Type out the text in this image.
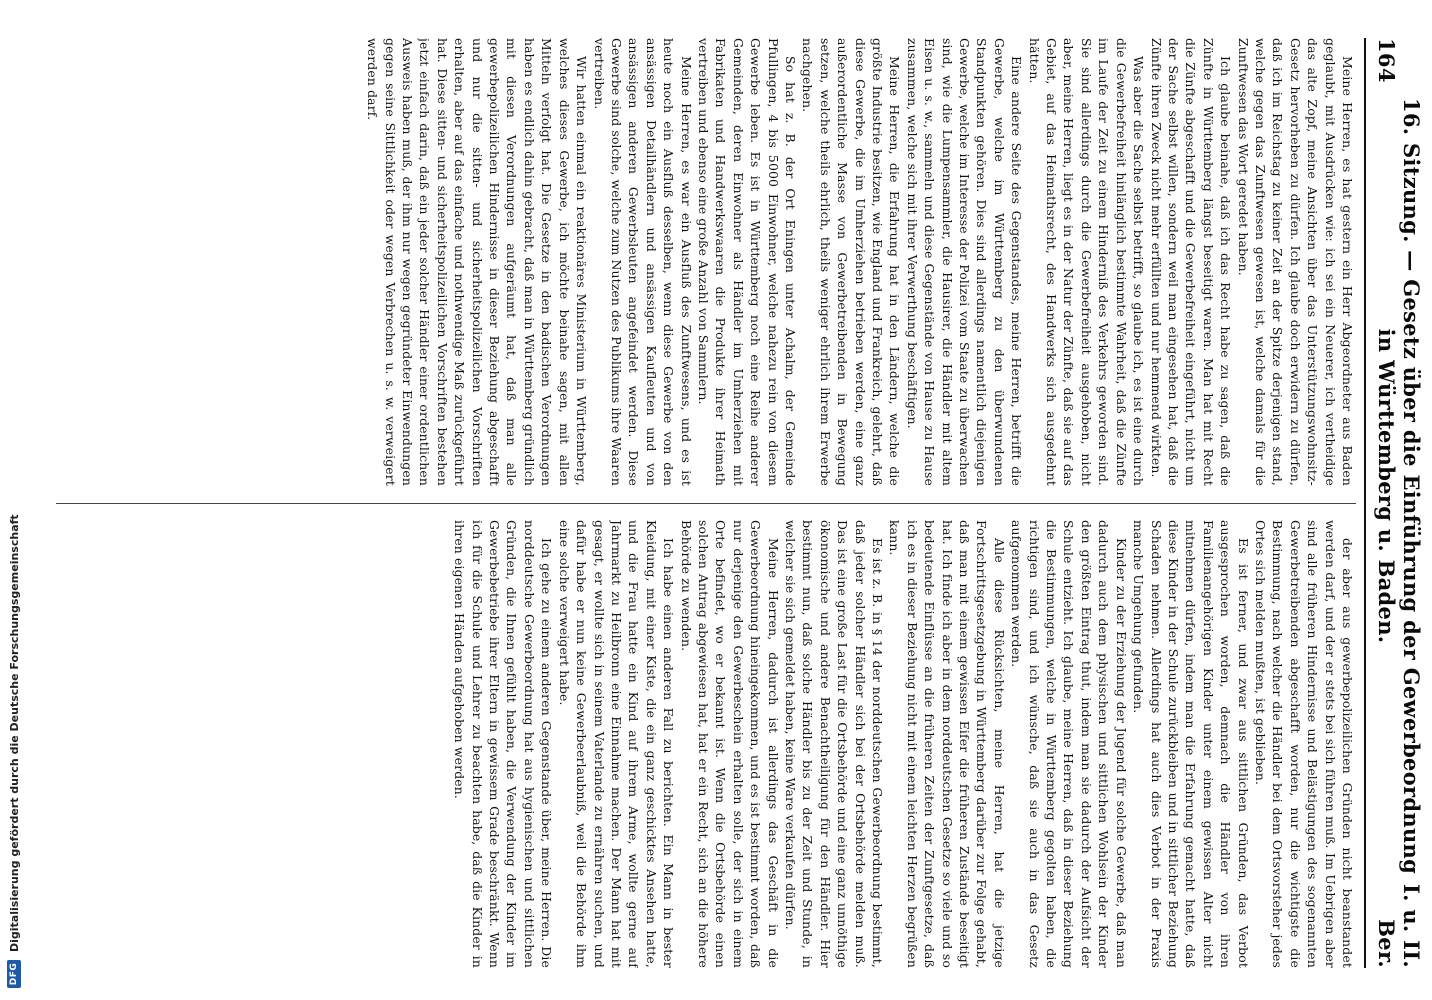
164
16. Sitzung. — Gesetz über die Einführung der Gewerbeordnung in Württemberg u. Baden.
I. u. II. Ber.

Meine Herren, es hat gestern ein Herr Abgeordneter aus Baden geglaubt, mit Ausdrücken wie: ich sei ein Neuerer, ich vertheidige das alte Zopf, meine Ansichten über das Unterstützungswohnsitz-Gesetz hervorheben zu dürfen. Ich glaube doch erwidern zu dürfen, daß ich im Reichstag zu keiner Zeit an der Spitze derjenigen stand, welche gegen das Zunftwesen gewesen ist, welche damals für die Zunftwesen das Wort geredet haben.

Ich glaube beinahe, daß ich das Recht habe zu sagen, daß die Zünfte in Württemberg längst beseitigt waren. Man hat mit Recht die Zünfte abgeschafft und die Gewerbefreiheit eingeführt, nicht um der Sache selbst willen, sondern weil man eingesehen hat, daß die Zünfte ihren Zweck nicht mehr erfüllten und nur hemmend wirkten.

Was aber die Sache selbst betrifft, so glaube ich, es ist eine durch die Gewerbefreiheit hinlänglich bestimmte Wahrheit, daß die Zünfte im Laufe der Zeit zu einem Hinderniß des Verkehrs geworden sind. Sie sind allerdings durch die Gewerbefreiheit ausgehoben, nicht aber, meine Herren, liegt es in der Natur der Zünfte, daß sie auf das Gebiet, auf das Heimathsrecht, des Handwerks sich ausgedehnt hätten.

Eine andere Seite des Gegenstandes, meine Herren, betrifft die Gewerbe, welche im Württemberg zu den überwundenen Standpunkten gehören. Dies sind allerdings namentlich diejenigen Gewerbe, welche im Interesse der Polizei vom Staate zu überwachen sind, wie die Lumpensammler, die Hausirer, die Händler mit altem Eisen u. s. w., sammeln und diese Gegenstände von Hause zu Hause zusammen, welche sich mit ihrer Verwerthung beschäftigen.

Meine Herren, die Erfahrung hat in den Ländern, welche die größte Industrie besitzen, wie England und Frankreich, gelehrt, daß diese Gewerbe, die im Umherziehen betrieben werden, eine ganz außerordentliche Masse von Gewerbetreibenden in Bewegung setzen, welche theils ehrlich, theils weniger ehrlich ihrem Erwerbe nachgehen.

So hat z. B. der Ort Eningen unter Achalm, der Gemeinde Pfullingen, 4 bis 5000 Einwohner, welche nahezu rein von diesem Gewerbe leben. Es ist in Württemberg noch eine Reihe anderer Gemeinden, deren Einwohner als Händler im Umherziehen mit Fabrikaten und Handwerkswaaren die Produkte ihrer Heimath vertreiben und ebenso eine große Anzahl von Sammlern.

Meine Herren, es war ein Ausfluß des Zunftwesens, und es ist heute noch ein Ausfluß desselben, wenn diese Gewerbe von den ansässigen Detailhändlern und ansässigen Kaufleuten und von ansässigen anderen Gewerbsleuten angefeindet werden. Diese Gewerbe sind solche, welche zum Nutzen des Publikums ihre Waaren vertreiben.

Wir hatten einmal ein reaktionäres Ministerium in Württemberg, welches dieses Gewerbe, ich möchte beinahe sagen, mit allen Mitteln verfolgt hat. Die Gesetze in den badischen Verordnungen haben es endlich dahin gebracht, daß man in Württemberg gründlich mit diesen Verordnungen aufgeräumt hat, daß man alle gewerbepolizeilichen Hindernisse in dieser Beziehung abgeschafft und nur die sitten- und sicherheitspolizeilichen Vorschriften erhalten, aber auf das einfache und nothwendige Maß zurückgeführt hat. Diese sitten- und sicherheitspolizeilichen Vorschriften bestehen jetzt einfach darin, daß ein jeder solcher Händler einer ordentlichen Ausweis haben muß, der ihm nur wegen gegründeter Einwendungen gegen seine Sittlichkeit oder wegen Verbrechen u. s. w. verweigert werden darf.

der aber aus gewerbepolizeilichen Gründen nicht beanstandet werden darf, und der er stets bei sich führen muß. Im Uebrigen aber sind alle früheren Hindernisse und Belästigungen des sogenannten Gewerbetreibenden abgeschafft worden, nur die wichtigste die Bestimmung, nach welcher die Händler bei dem Ortsvorsteher jedes Ortes sich melden mußten, ist geblieben.

Es ist ferner, und zwar aus sittlichen Gründen, das Verbot ausgesprochen worden, demnach die Händler von ihren Familienangehörigen Kinder unter einem gewissen Alter nicht mitnehmen dürfen, indem man die Erfahrung gemacht hatte, daß diese Kinder in der Schule zurückbleiben und in sittlicher Beziehung Schaden nehmen. Allerdings hat auch dies Verbot in der Praxis manche Umgehung gefunden.

Kinder zu der Erziehung der Jugend für solche Gewerbe, daß man dadurch auch dem physischen und sittlichen Wohlsein der Kinder den größten Eintrag thut, indem man sie dadurch der Aufsicht der Schule entzieht. Ich glaube, meine Herren, daß in dieser Beziehung die Bestimmungen, welche in Württemberg gegolten haben, die richtigen sind, und ich wünsche, daß sie auch in das Gesetz aufgenommen werden.

Alle diese Rücksichten, meine Herren, hat die jetzige Fortschrittsgesetzgebung in Württemberg darüber zur Folge gehabt, daß man mit einem gewissen Eifer die früheren Zustände beseitigt hat. Ich finde ich aber in dem norddeutschen Gesetze so viele und so bedeutende Einflüsse an die früheren Zeiten der Zunftgesetze, daß ich es in dieser Beziehung nicht mit einem leichten Herzen begrüßen kann.

Es ist z. B. in § 14 der norddeutschen Gewerbeordnung bestimmt, daß jeder solcher Händler sich bei der Ortsbehörde melden muß. Das ist eine große Last für die Ortsbehörde und eine ganz unnöthige ökonomische und andere Benachtheiligung für den Händler. Hier bestimmt nun, daß solche Händler bis zu der Zeit und Stunde, in welcher sie sich gemeldet haben, keine Ware verkaufen dürfen.

Meine Herren, dadurch ist allerdings das Geschäft in die Gewerbeordnung hineingekommen, und es ist bestimmt worden, daß nur derjenige den Gewerbeschein erhalten solle, der sich in einem Orte befindet, wo er bekannt ist. Wenn die Ortsbehörde einen solchen Antrag abgewiesen hat, hat er ein Recht, sich an die höhere Behörde zu wenden.

Ich habe einen anderen Fall zu berichten. Ein Mann in bester Kleidung, mit einer Kiste, die ein ganz geschicktes Ansehen hatte, und die Frau hatte ein Kind auf ihrem Arme, wollte gerne auf Jahrmarkt zu Heilbronn eine Einnahme machen. Der Mann hat mit gesagt, er wollte sich in seinem Vaterlande zu ernähren suchen, und dafür habe er nun keine Gewerbeerlaubniß, weil die Behörde ihm eine solche verweigert habe.

Ich gehe zu einem anderen Gegenstande über, meine Herren. Die norddeutsche Gewerbeordnung hat aus hygienischen und sittlichen Gründen, die Ihnen gefühlt haben, die Verwendung der Kinder im Gewerbebetriebe ihrer Eltern in gewissem Grade beschränkt. Wenn ich für die Schule und Lehrer zu beachten habe, daß die Kinder in ihren eigenen Händen aufgehoben werden.

DFG
Digitalisierung gefördert durch die Deutsche Forschungsgemeinschaft
